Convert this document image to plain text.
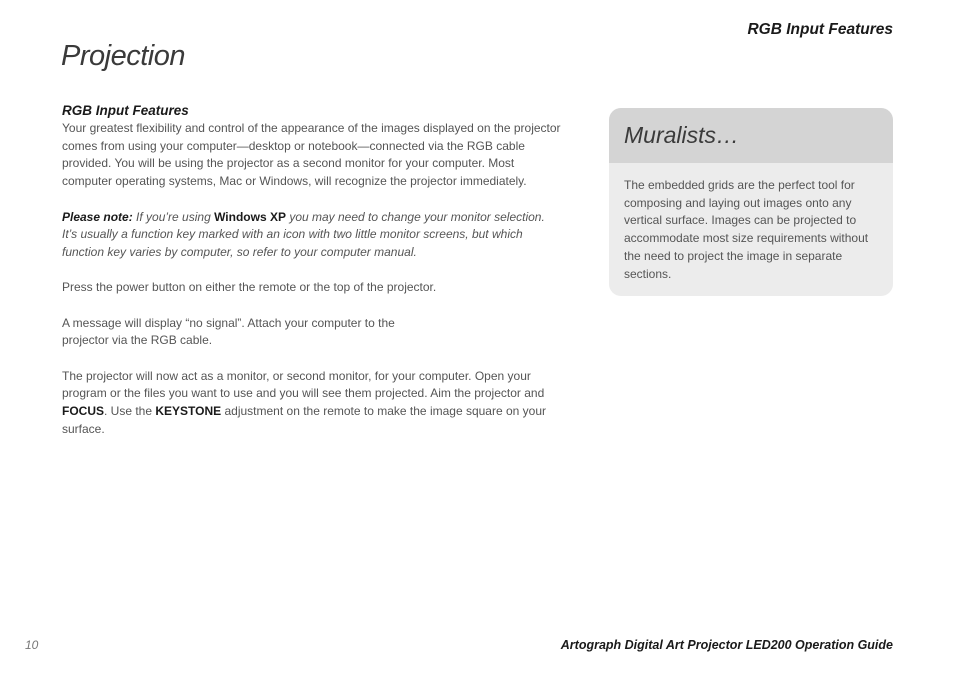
RGB Input Features
Projection
RGB Input Features

Your greatest flexibility and control of the appearance of the images displayed on the projector comes from using your computer—desktop or notebook—connected via the RGB cable provided. You will be using the projector as a second monitor for your computer. Most computer operating systems, Mac or Windows, will recognize the projector immediately.

Please note: If you’re using Windows XP you may need to change your monitor selection. It’s usually a function key marked with an icon with two little monitor screens, but which function key varies by computer, so refer to your computer manual.

Press the power button on either the remote or the top of the projector.

A message will display “no signal”. Attach your computer to the projector via the RGB cable.

The projector will now act as a monitor, or second monitor, for your computer. Open your program or the files you want to use and you will see them projected. Aim the projector and FOCUS. Use the KEYSTONE adjustment on the remote to make the image square on your surface.

Muralists…
The embedded grids are the perfect tool for composing and laying out images onto any vertical surface. Images can be projected to accommodate most size requirements without the need to project the image in separate sections.
10	Artograph Digital Art Projector LED200 Operation Guide
